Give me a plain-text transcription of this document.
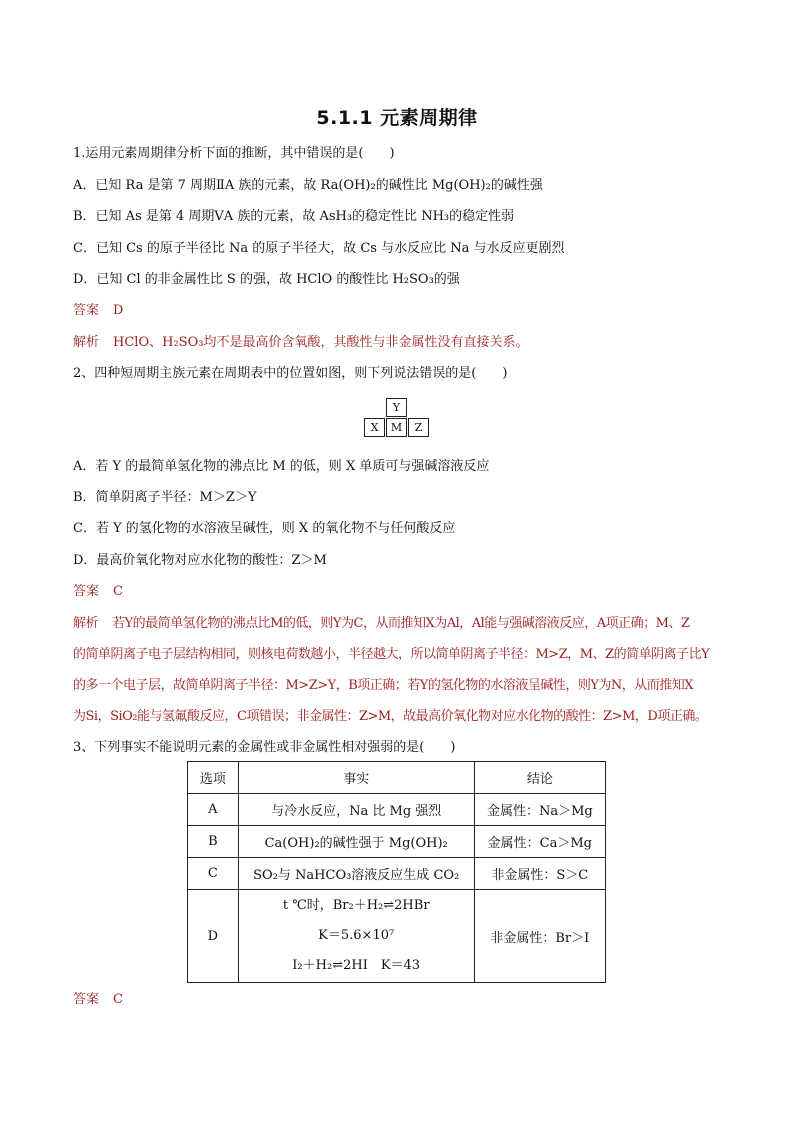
5.1.1 元素周期律
1.运用元素周期律分析下面的推断，其中错误的是(　　)
A．已知 Ra 是第 7 周期ⅡA 族的元素，故 Ra(OH)₂的碱性比 Mg(OH)₂的碱性强
B．已知 As 是第 4 周期ⅤA 族的元素，故 AsH₃的稳定性比 NH₃的稳定性弱
C．已知 Cs 的原子半径比 Na 的原子半径大，故 Cs 与水反应比 Na 与水反应更剧烈
D．已知 Cl 的非金属性比 S 的强，故 HClO 的酸性比 H₂SO₃的强
答案 D
解析 HClO、H₂SO₃均不是最高价含氧酸，其酸性与非金属性没有直接关系。
2、四种短周期主族元素在周期表中的位置如图，则下列说法错误的是(　　)
Y
X	M	Z
A．若 Y 的最简单氢化物的沸点比 M 的低，则 X 单质可与强碱溶液反应
B．简单阴离子半径：M＞Z＞Y
C．若 Y 的氢化物的水溶液呈碱性，则 X 的氧化物不与任何酸反应
D．最高价氧化物对应水化物的酸性：Z＞M
答案 C
解析 若Y的最简单氢化物的沸点比M的低，则Y为C，从而推知X为Al，Al能与强碱溶液反应，A项正确；M、Z
的简单阴离子电子层结构相同，则核电荷数越小，半径越大，所以简单阴离子半径：M>Z，M、Z的简单阴离子比Y
的多一个电子层，故简单阴离子半径：M>Z>Y，B项正确；若Y的氢化物的水溶液呈碱性，则Y为N，从而推知X
为Si，SiO₂能与氢氟酸反应，C项错误；非金属性：Z>M，故最高价氧化物对应水化物的酸性：Z>M，D项正确。
3、下列事实不能说明元素的金属性或非金属性相对强弱的是(　　)
选项	事实	结论
A	与冷水反应，Na 比 Mg 强烈	金属性：Na＞Mg
B	Ca(OH)₂的碱性强于 Mg(OH)₂	金属性：Ca＞Mg
C	SO₂与 NaHCO₃溶液反应生成 CO₂	非金属性：S＞C
D	t ℃时，Br₂＋H₂⇌2HBr
K＝5.6×10⁷
I₂＋H₂⇌2HI　K＝43	非金属性：Br＞I
答案 C
